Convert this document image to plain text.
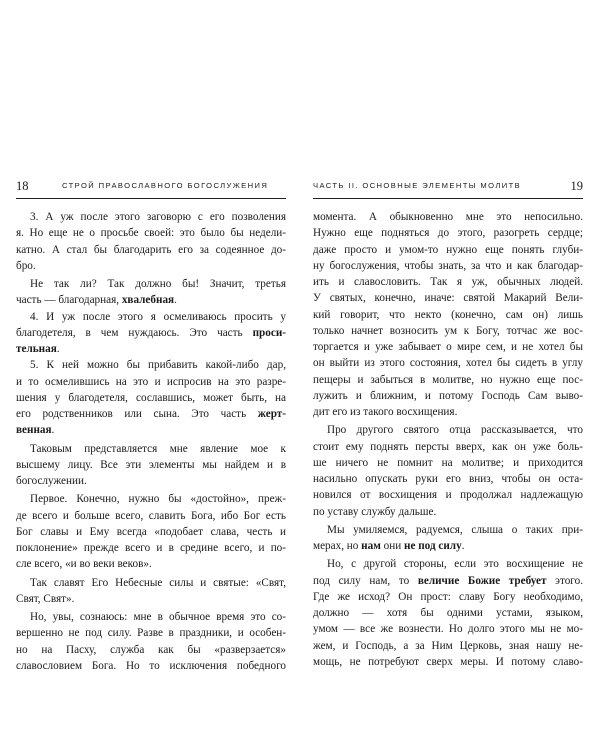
18	СТРОЙ ПРАВОСЛАВНОГО БОГОСЛУЖЕНИЯ
3. А уж после этого заговорю с его позволения
я. Но еще не о просьбе своей: это было бы недели-
катно. А стал бы благодарить его за содеянное до-
бро.
Не так ли? Так должно бы! Значит, третья
часть — благодарная, хвалебная.
4. И уж после этого я осмеливаюсь просить у
благодетеля, в чем нуждаюсь. Это часть проси-
тельная.
5. К ней можно бы прибавить какой-либо дар,
и то осмелившись на это и испросив на это разре-
шения у благодетеля, сославшись, может быть, на
его родственников или сына. Это часть жерт-
венная.
Таковым представляется мне явление мое к
высшему лицу. Все эти элементы мы найдем и в
богослужении.
Первое. Конечно, нужно бы «достойно», преж-
де всего и больше всего, славить Бога, ибо Бог есть
Бог славы и Ему всегда «подобает слава, честь и
поклонение» прежде всего и в средине всего, и по-
сле всего, «и во веки веков».
Так славят Его Небесные силы и святые: «Свят,
Свят, Свят».
Но, увы, сознаюсь: мне в обычное время это со-
вершенно не под силу. Разве в праздники, и особен-
но на Пасху, служба как бы «разверзается»
славословием Бога. Но то исключения победного
ЧАСТЬ II. ОСНОВНЫЕ ЭЛЕМЕНТЫ МОЛИТВ	19
момента. А обыкновенно мне это непосильно.
Нужно еще подняться до этого, разогреть сердце;
даже просто и умом-то нужно еще понять глуби-
ну богослужения, чтобы знать, за что и как благодар-
ить и славословить. Так я уж, обычных людей.
У святых, конечно, иначе: святой Макарий Вели-
кий говорит, что некто (конечно, сам он) лишь
только начнет возносить ум к Богу, тотчас же вос-
торгается и уже забывает о мире сем, и не хотел бы
он выйти из этого состояния, хотел бы сидеть в углу
пещеры и забыться в молитве, но нужно еще пос-
лужить и ближним, и потому Господь Сам выво-
дит его из такого восхищения.
Про другого святого отца рассказывается, что
стоит ему поднять персты вверх, как он уже боль-
ше ничего не помнит на молитве; и приходится
насильно опускать руки его вниз, чтобы он оста-
новился от восхищения и продолжал надлежащую
по уставу службу дальше.
Мы умиляемся, радуемся, слыша о таких при-
мерах, но нам они не под силу.
Но, с другой стороны, если это восхищение не
под силу нам, то величие Божие требует этого.
Где же исход? Он прост: славу Богу необходимо,
должно — хотя бы одними устами, языком,
умом — все же вознести. Но долго этого мы не мо-
жем, и Господь, а за Ним Церковь, зная нашу не-
мощь, не потребуют сверх меры. И потому славо-
